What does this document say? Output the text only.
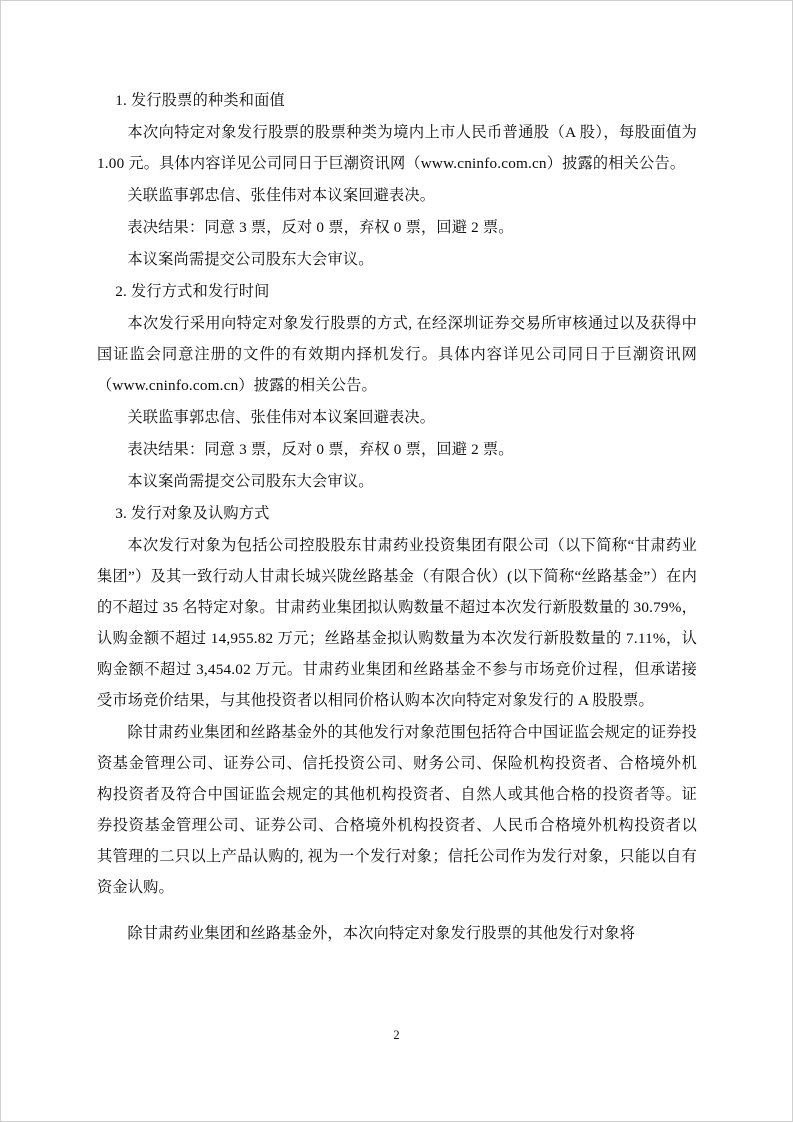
1. 发行股票的种类和面值

本次向特定对象发行股票的股票种类为境内上市人民币普通股（A 股），每股面值为 1.00 元。具体内容详见公司同日于巨潮资讯网（www.cninfo.com.cn）披露的相关公告。

关联监事郭忠信、张佳伟对本议案回避表决。

表决结果：同意 3 票，反对 0 票，弃权 0 票，回避 2 票。

本议案尚需提交公司股东大会审议。

2. 发行方式和发行时间

本次发行采用向特定对象发行股票的方式, 在经深圳证券交易所审核通过以及获得中国证监会同意注册的文件的有效期内择机发行。具体内容详见公司同日于巨潮资讯网（www.cninfo.com.cn）披露的相关公告。

关联监事郭忠信、张佳伟对本议案回避表决。

表决结果：同意 3 票，反对 0 票，弃权 0 票，回避 2 票。

本议案尚需提交公司股东大会审议。

3. 发行对象及认购方式

本次发行对象为包括公司控股股东甘肃药业投资集团有限公司（以下简称“甘肃药业集团”）及其一致行动人甘肃长城兴陇丝路基金（有限合伙）(以下简称“丝路基金”）在内的不超过 35 名特定对象。甘肃药业集团拟认购数量不超过本次发行新股数量的 30.79%，认购金额不超过 14,955.82 万元；丝路基金拟认购数量为本次发行新股数量的 7.11%，认购金额不超过 3,454.02 万元。甘肃药业集团和丝路基金不参与市场竞价过程，但承诺接受市场竞价结果，与其他投资者以相同价格认购本次向特定对象发行的 A 股股票。

除甘肃药业集团和丝路基金外的其他发行对象范围包括符合中国证监会规定的证券投资基金管理公司、证券公司、信托投资公司、财务公司、保险机构投资者、合格境外机构投资者及符合中国证监会规定的其他机构投资者、自然人或其他合格的投资者等。证券投资基金管理公司、证券公司、合格境外机构投资者、人民币合格境外机构投资者以其管理的二只以上产品认购的, 视为一个发行对象；信托公司作为发行对象，只能以自有资金认购。

除甘肃药业集团和丝路基金外，本次向特定对象发行股票的其他发行对象将

2
